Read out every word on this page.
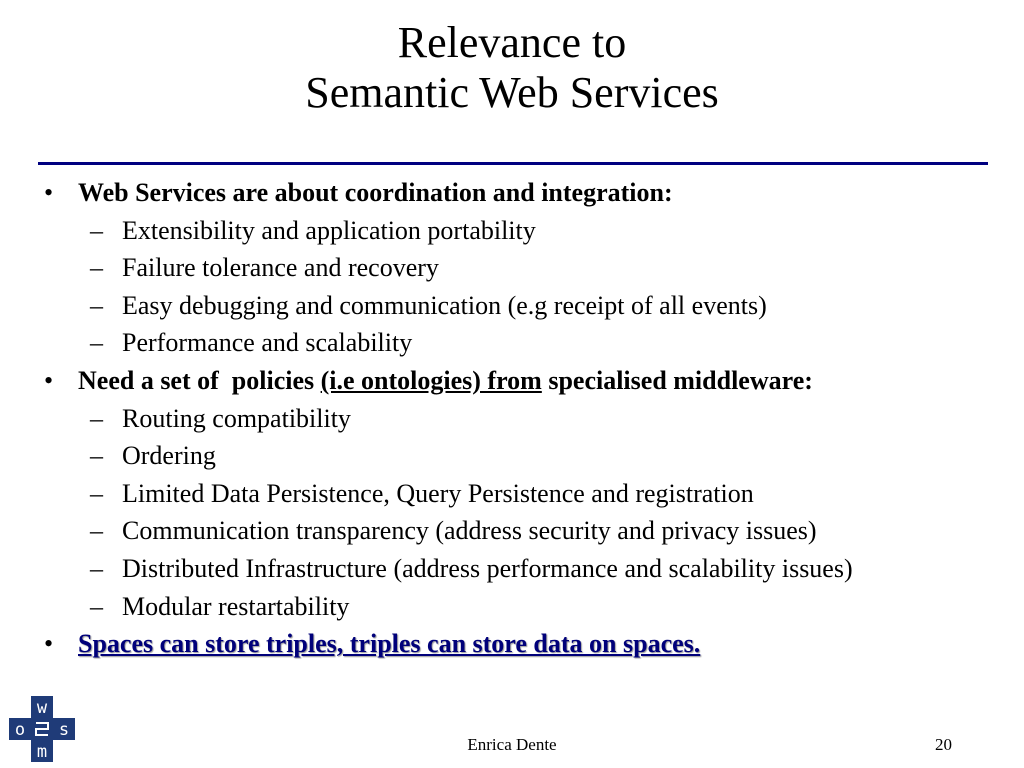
Relevance to
Semantic Web Services
• Web Services are about coordination and integration:
– Extensibility and application portability
– Failure tolerance and recovery
– Easy debugging and communication (e.g receipt of all events)
– Performance and scalability
• Need a set of  policies (i.e ontologies) from specialised middleware:
– Routing compatibility
– Ordering
– Limited Data Persistence, Query Persistence and registration
– Communication transparency (address security and privacy issues)
– Distributed Infrastructure (address performance and scalability issues)
– Modular restartability
• Spaces can store triples, triples can store data on spaces.
w
o s
m	Enrica Dente	20
